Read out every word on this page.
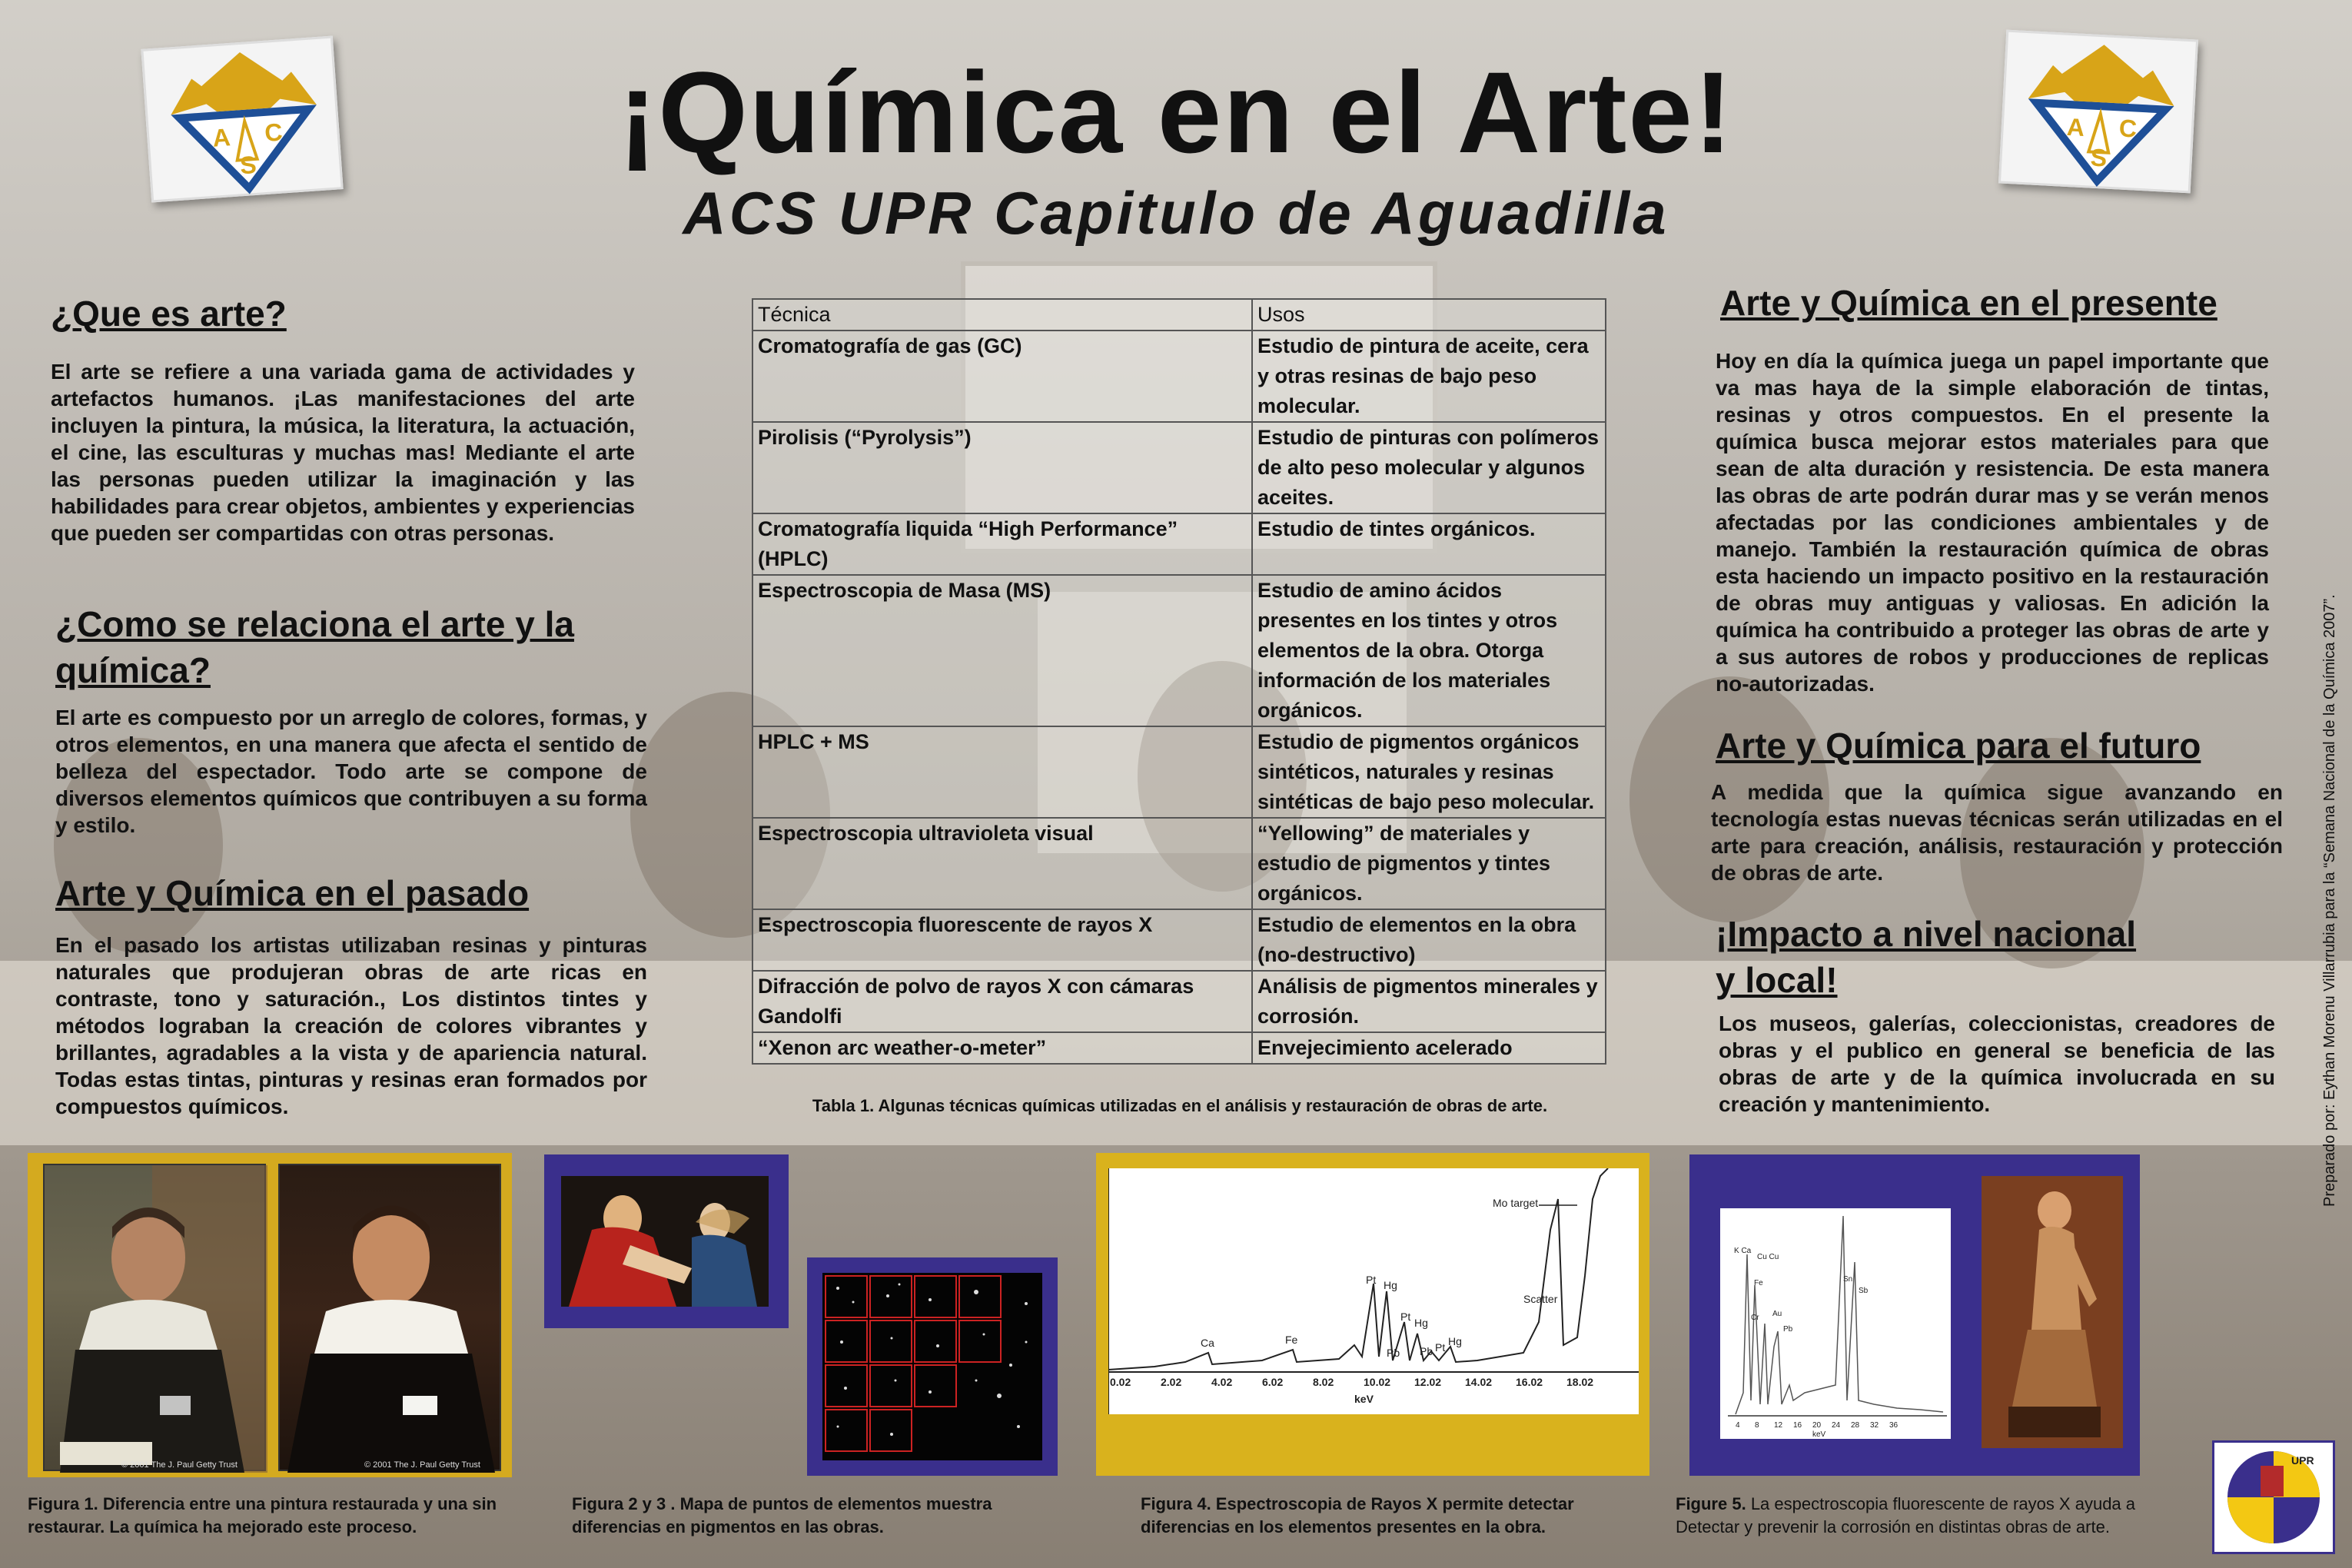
A C
S
A C
S
¡Química en el Arte!
ACS UPR Capitulo de Aguadilla
¿Que es arte?
El arte se refiere a una variada gama de actividades y artefactos humanos. ¡Las manifestaciones del arte incluyen la pintura, la música, la literatura, la actuación, el cine, las esculturas y muchas mas! Mediante el arte las personas pueden utilizar la imaginación y las habilidades para crear objetos, ambientes y experiencias que pueden ser compartidas con otras personas.
¿Como se relaciona el arte y la
química?
El arte es compuesto por un arreglo de colores, formas, y otros elementos, en una manera que afecta el sentido de belleza del espectador. Todo arte se compone de diversos elementos químicos que contribuyen a su forma y estilo.
Arte y Química en el pasado
En el pasado los artistas utilizaban resinas y pinturas naturales que produjeran obras de arte ricas en contraste, tono y saturación., Los distintos tintes y métodos lograban la creación de colores vibrantes y brillantes, agradables a la vista y de apariencia natural. Todas estas tintas, pinturas y resinas eran formados por compuestos químicos.
Técnica	Usos
Cromatografía de gas (GC)	Estudio de pintura de aceite, cera y otras resinas de bajo peso molecular.
Pirolisis (“Pyrolysis”)	Estudio de pinturas con polímeros de alto peso molecular y algunos aceites.
Cromatografía liquida “High Performance” (HPLC)	Estudio de tintes orgánicos.
Espectroscopia de Masa (MS)	Estudio de amino ácidos presentes en los tintes y otros elementos de la obra. Otorga información de los materiales orgánicos.
HPLC + MS	Estudio de pigmentos orgánicos sintéticos, naturales y resinas sintéticas de bajo peso molecular.
Espectroscopia ultravioleta visual	“Yellowing” de materiales y estudio de pigmentos y tintes orgánicos.
Espectroscopia fluorescente de rayos X	Estudio de elementos en la obra (no-destructivo)
Difracción de polvo de rayos X con cámaras Gandolfi	Análisis de pigmentos minerales y corrosión.
“Xenon arc weather-o-meter”	Envejecimiento acelerado
Tabla 1. Algunas técnicas químicas utilizadas en el análisis y restauración de obras de arte.
Arte y Química en el presente
Hoy en día la química juega un papel importante que va mas haya de la simple elaboración de tintas, resinas y otros compuestos. En el presente la química busca mejorar estos materiales para que sean de alta duración y resistencia. De esta manera las obras de arte podrán durar mas y se verán menos afectadas por las condiciones ambientales y de manejo. También la restauración química de obras esta haciendo un impacto positivo en la restauración de obras muy antiguas y valiosas. En adición la química ha contribuido a proteger las obras de arte y a sus autores de robos y producciones de replicas no-autorizadas.
Arte y Química para el futuro
A medida que la química sigue avanzando en tecnología estas nuevas técnicas serán utilizadas en el arte para creación, análisis, restauración y protección de obras de arte.
¡Impacto a nivel nacional
y local!
Los museos, galerías, coleccionistas, creadores de obras y el publico en general se beneficia de las obras de arte y de la química involucrada en su creación y mantenimiento.
© 2001 The J. Paul Getty Trust	© 2001 The J. Paul Getty Trust
Figura 1. Diferencia entre una pintura restaurada y una sin restaurar. La química ha mejorado este proceso.
Figura 2 y 3 . Mapa de puntos de elementos muestra diferencias en pigmentos en las obras.
Ca	Fe
Pt Hg
Pb
Pt Hg
Pb Pt Hg
Mo target
Scatter
0.02	2.02	4.02	6.02	8.02	10.02 12.02 14.02 16.02 18.02
keV
Figura 4. Espectroscopia de Rayos X permite detectar diferencias en los elementos presentes en la obra.
K Ca
Cu Cu
Fe
Au
Cr
Pb
Sn
Sb
4 8 12 16 20 24 28 32 36
keV
Figure 5. La espectroscopia fluorescente de rayos X ayuda a Detectar y prevenir la corrosión en distintas obras de arte.
UPR
Preparado por: Eythan Morenu Villarrubia para la “Semana Nacional de la Química 2007”.
